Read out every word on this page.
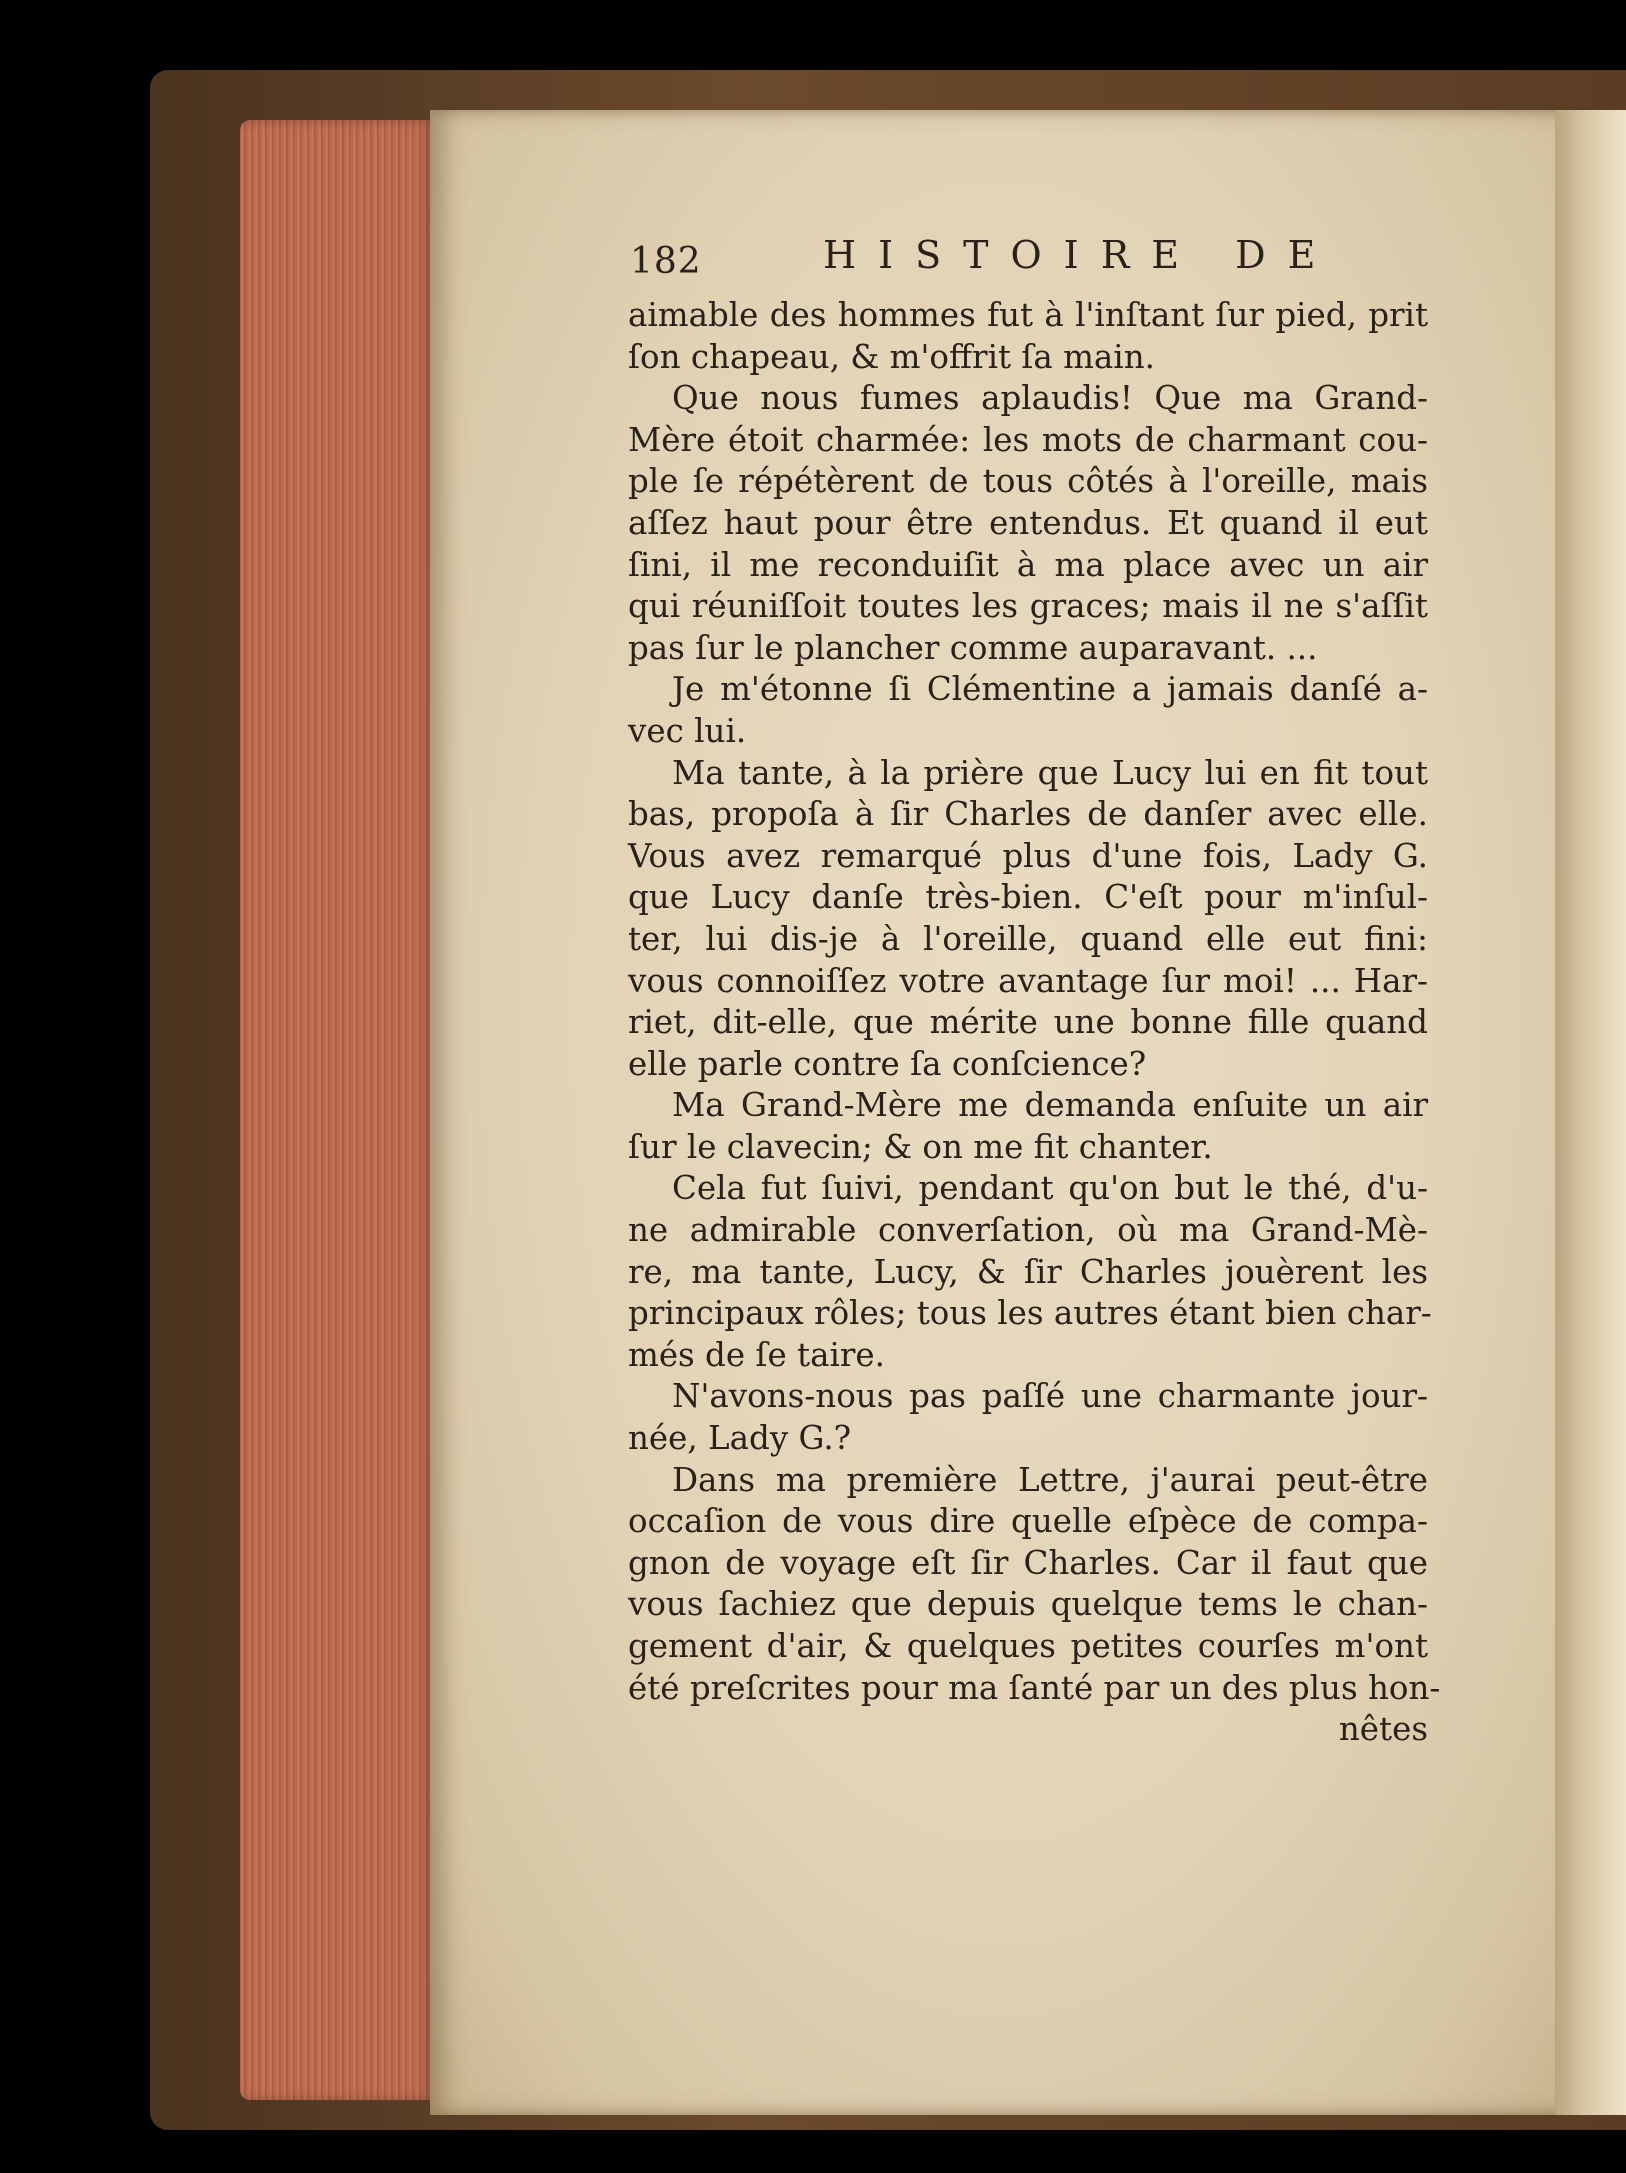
182	HISTOIRE DE
aimable des hommes fut à l'inſtant ſur pied, prit
ſon chapeau, & m'offrit ſa main.
Que nous fumes aplaudis! Que ma Grand-
Mère étoit charmée: les mots de charmant cou-
ple ſe répétèrent de tous côtés à l'oreille, mais
aſſez haut pour être entendus. Et quand il eut
ſini, il me reconduiſit à ma place avec un air
qui réuniſſoit toutes les graces; mais il ne s'aſſit
pas ſur le plancher comme auparavant. ...
Je m'étonne ſi Clémentine a jamais danſé a-
vec lui.
Ma tante, à la prière que Lucy lui en fit tout
bas, propoſa à ſir Charles de danſer avec elle.
Vous avez remarqué plus d'une fois, Lady G.
que Lucy danſe très-bien. C'eſt pour m'inſul-
ter, lui dis-je à l'oreille, quand elle eut fini:
vous connoiſſez votre avantage ſur moi! ... Har-
riet, dit-elle, que mérite une bonne fille quand
elle parle contre ſa conſcience?
Ma Grand-Mère me demanda enſuite un air
ſur le clavecin; & on me fit chanter.
Cela fut ſuivi, pendant qu'on but le thé, d'u-
ne admirable converſation, où ma Grand-Mè-
re, ma tante, Lucy, & ſir Charles jouèrent les
principaux rôles; tous les autres étant bien char-
més de ſe taire.
N'avons-nous pas paſſé une charmante jour-
née, Lady G.?
Dans ma première Lettre, j'aurai peut-être
occaſion de vous dire quelle eſpèce de compa-
gnon de voyage eſt ſir Charles. Car il faut que
vous ſachiez que depuis quelque tems le chan-
gement d'air, & quelques petites courſes m'ont
été preſcrites pour ma ſanté par un des plus hon-
nêtes
